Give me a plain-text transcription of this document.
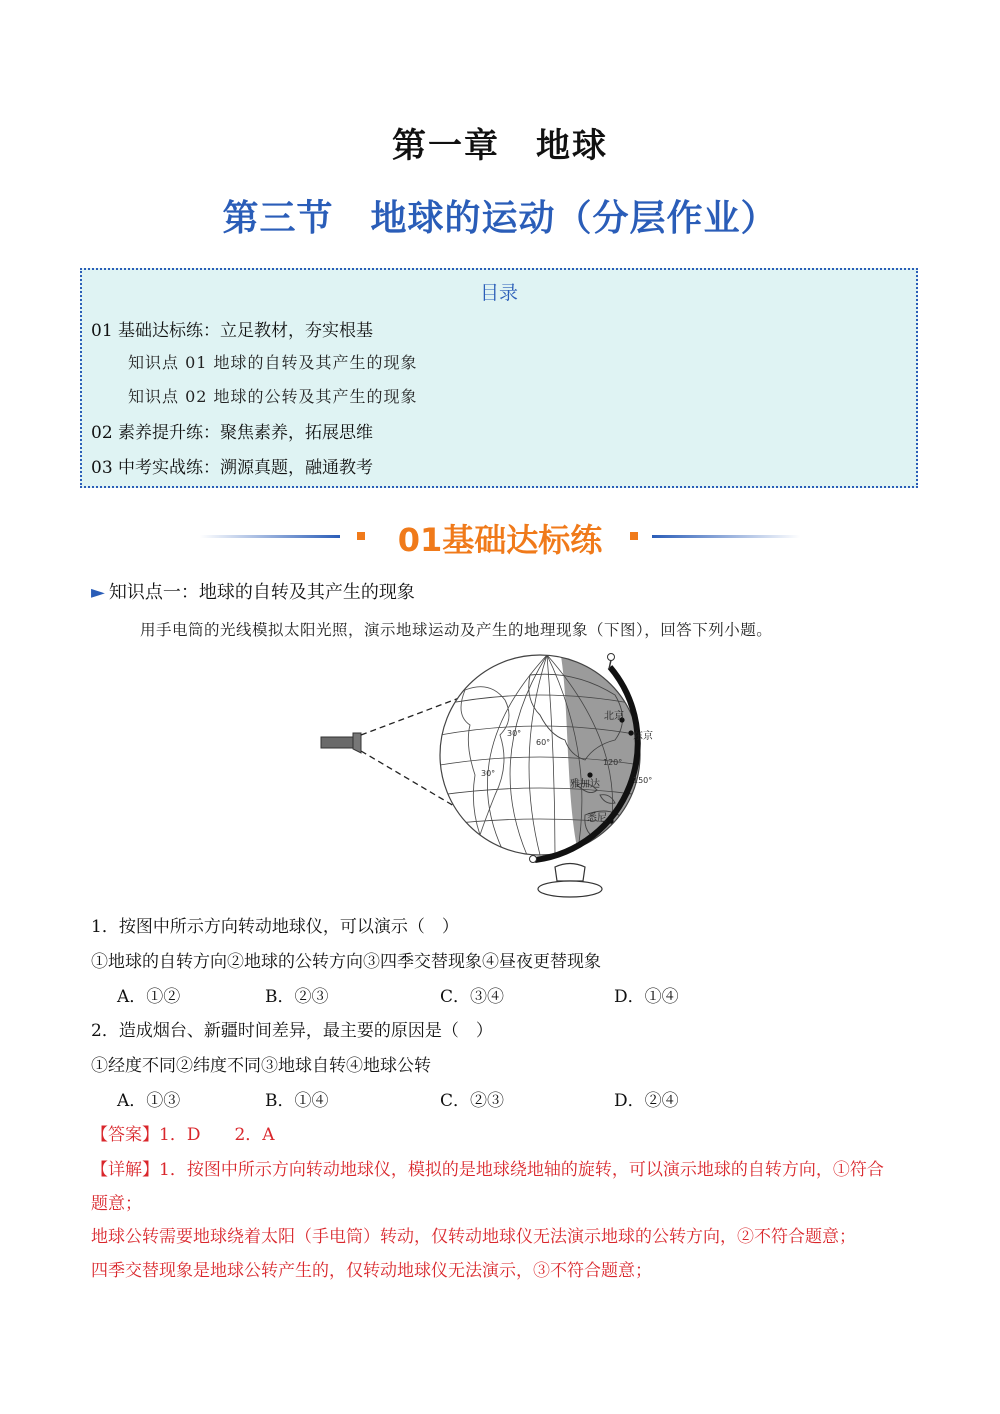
第一章　地球
第三节　地球的运动（分层作业）
目录
01 基础达标练：立足教材，夯实根基
知识点 01 地球的自转及其产生的现象
知识点 02 地球的公转及其产生的现象
02 素养提升练：聚焦素养，拓展思维
03 中考实战练：溯源真题，融通教考
01基础达标练
► 知识点一：地球的自转及其产生的现象
用手电筒的光线模拟太阳光照，演示地球运动及产生的地理现象（下图），回答下列小题。
北京
东京
雅加达
悉尼
30°
30°
60°
120°
150°
1．按图中所示方向转动地球仪，可以演示（　）
①地球的自转方向②地球的公转方向③四季交替现象④昼夜更替现象
A．①②	B．②③	C．③④	D．①④
2．造成烟台、新疆时间差异，最主要的原因是（　）
①经度不同②纬度不同③地球自转④地球公转
A．①③	B．①④	C．②③	D．②④
【答案】1．D　　2．A
【详解】1．按图中所示方向转动地球仪，模拟的是地球绕地轴的旋转，可以演示地球的自转方向，①符合
题意；
地球公转需要地球绕着太阳（手电筒）转动，仅转动地球仪无法演示地球的公转方向，②不符合题意；
四季交替现象是地球公转产生的，仅转动地球仪无法演示，③不符合题意；
